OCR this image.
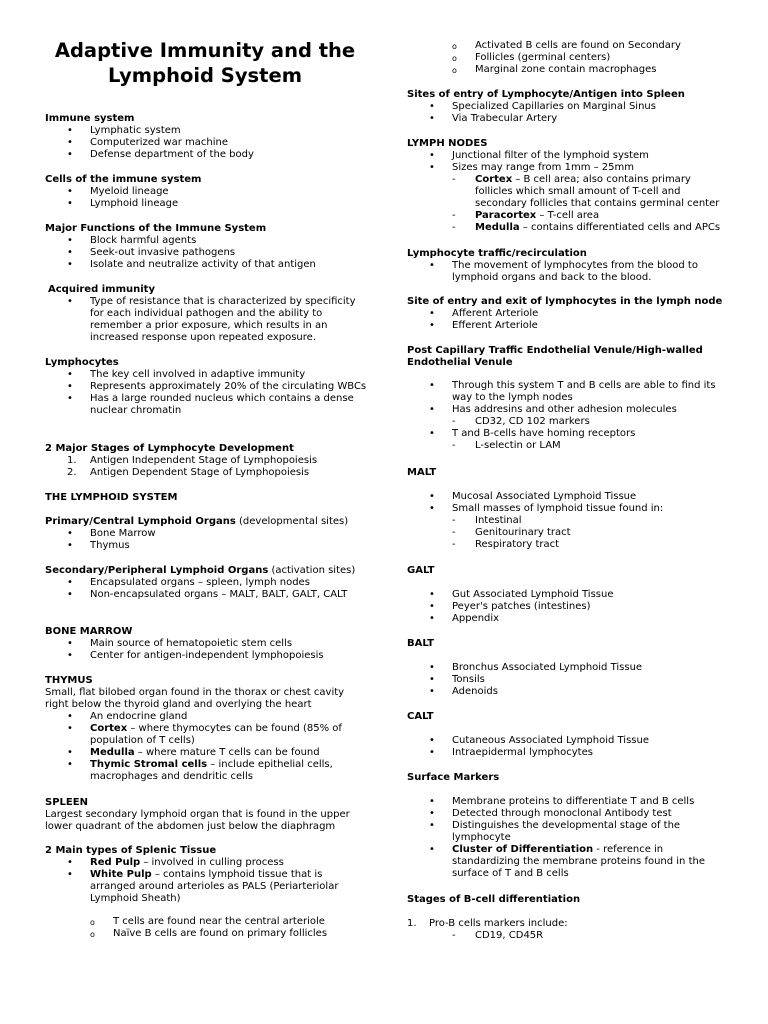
Adaptive Immunity and the Lymphoid System
Immune system
• Lymphatic system
• Computerized war machine
• Defense department of the body
Cells of the immune system
• Myeloid lineage
• Lymphoid lineage
Major Functions of the Immune System
• Block harmful agents
• Seek-out invasive pathogens
• Isolate and neutralize activity of that antigen
Acquired immunity
• Type of resistance that is characterized by specificity for each individual pathogen and the ability to remember a prior exposure, which results in an increased response upon repeated exposure.
Lymphocytes
• The key cell involved in adaptive immunity
• Represents approximately 20% of the circulating WBCs
• Has a large rounded nucleus which contains a dense nuclear chromatin
2 Major Stages of Lymphocyte Development
1. Antigen Independent Stage of Lymphopoiesis
2. Antigen Dependent Stage of Lymphopoiesis
THE LYMPHOID SYSTEM

Primary/Central Lymphoid Organs (developmental sites)

• Bone Marrow
• Thymus

Secondary/Peripheral Lymphoid Organs (activation sites)

• Encapsulated organs – spleen, lymph nodes
• Non-encapsulated organs – MALT, BALT, GALT, CALT
BONE MARROW
• Main source of hematopoietic stem cells
• Center for antigen-independent lymphopoiesis
THYMUS

Small, flat bilobed organ found in the thorax or chest cavity right below the thyroid gland and overlying the heart

• An endocrine gland
• Cortex – where thymocytes can be found (85% of population of T cells)
• Medulla – where mature T cells can be found
• Thymic Stromal cells – include epithelial cells, macrophages and dendritic cells
SPLEEN

Largest secondary lymphoid organ that is found in the upper lower quadrant of the abdomen just below the diaphragm

2 Main types of Splenic Tissue
• Red Pulp – involved in culling process
• White Pulp – contains lymphoid tissue that is arranged around arterioles as PALS (Periarteriolar Lymphoid Sheath)
o T cells are found near the central arteriole
o Naïve B cells are found on primary follicles
o Activated B cells are found on Secondary
o Follicles (germinal centers)
o Marginal zone contain macrophages
Sites of entry of Lymphocyte/Antigen into Spleen
• Specialized Capillaries on Marginal Sinus
• Via Trabecular Artery
LYMPH NODES
• Junctional filter of the lymphoid system
• Sizes may range from 1mm – 25mm
- Cortex – B cell area; also contains primary follicles which small amount of T-cell and secondary follicles that contains germinal center
- Paracortex – T-cell area
- Medulla – contains differentiated cells and APCs
Lymphocyte traffic/recirculation
• The movement of lymphocytes from the blood to lymphoid organs and back to the blood.
Site of entry and exit of lymphocytes in the lymph node
• Afferent Arteriole
• Efferent Arteriole
Post Capillary Traffic Endothelial Venule/High-walled Endothelial Venule
• Through this system T and B cells are able to find its way to the lymph nodes
• Has addresins and other adhesion molecules
- CD32, CD 102 markers
• T and B-cells have homing receptors
- L-selectin or LAM
MALT
• Mucosal Associated Lymphoid Tissue
• Small masses of lymphoid tissue found in:
- Intestinal
- Genitourinary tract
- Respiratory tract
GALT
• Gut Associated Lymphoid Tissue
• Peyer's patches (intestines)
• Appendix
BALT
• Bronchus Associated Lymphoid Tissue
• Tonsils
• Adenoids
CALT
• Cutaneous Associated Lymphoid Tissue
• Intraepidermal lymphocytes
Surface Markers
• Membrane proteins to differentiate T and B cells
• Detected through monoclonal Antibody test
• Distinguishes the developmental stage of the lymphocyte
• Cluster of Differentiation - reference in standardizing the membrane proteins found in the surface of T and B cells
Stages of B-cell differentiation
1. Pro-B cells markers include:
- CD19, CD45R
